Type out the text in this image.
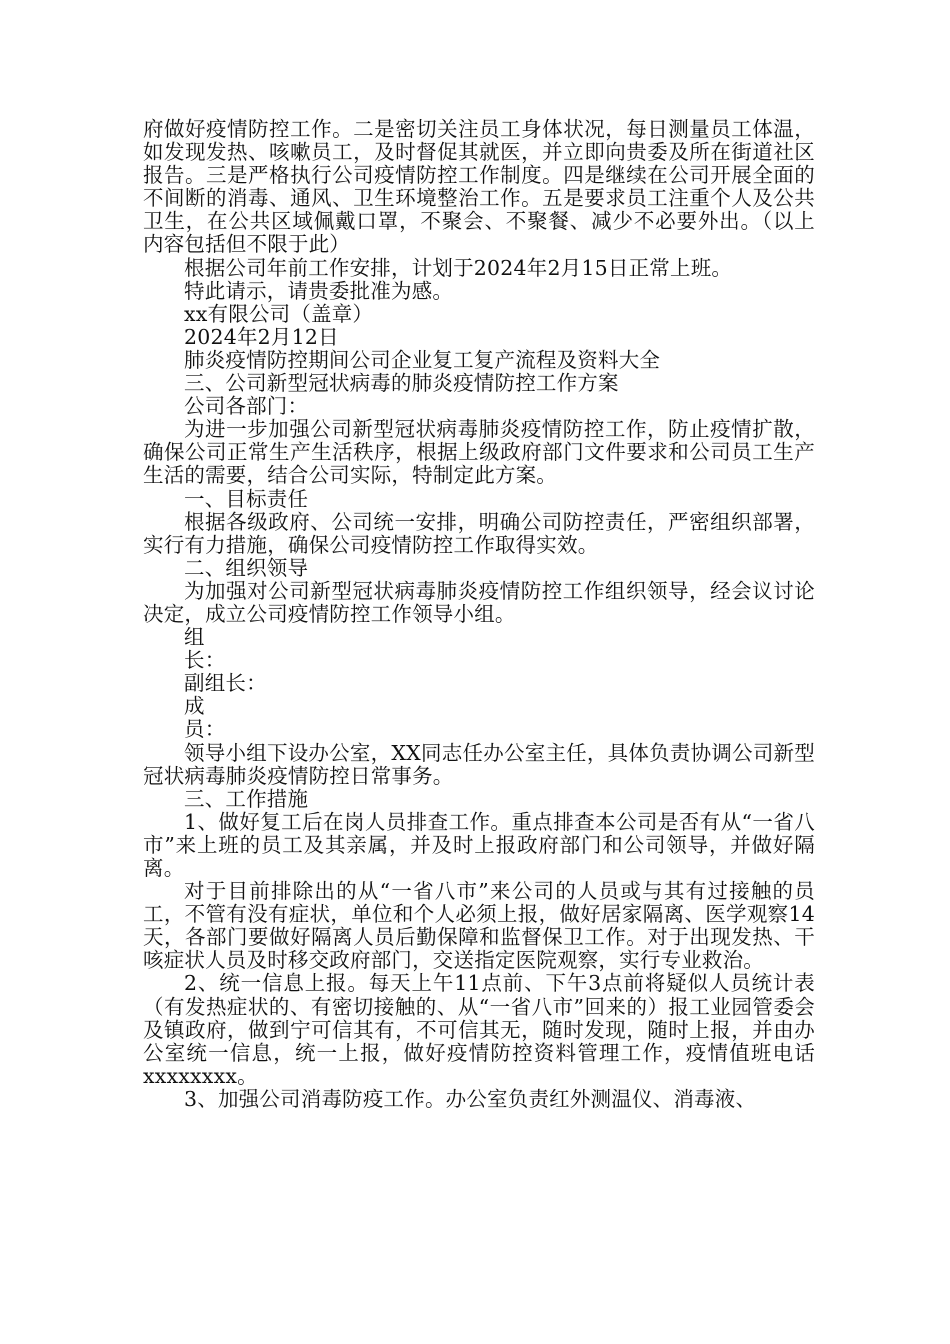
府做好疫情防控工作。二是密切关注员工身体状况，每日测量员工体温，如发现发热、咳嗽员工，及时督促其就医，并立即向贵委及所在街道社区报告。三是严格执行公司疫情防控工作制度。四是继续在公司开展全面的不间断的消毒、通风、卫生环境整治工作。五是要求员工注重个人及公共卫生，在公共区域佩戴口罩，不聚会、不聚餐、减少不必要外出。（以上内容包括但不限于此）

根据公司年前工作安排，计划于2024年2月15日正常上班。

特此请示，请贵委批准为感。

xx有限公司（盖章）

2024年2月12日

肺炎疫情防控期间公司企业复工复产流程及资料大全

三、公司新型冠状病毒的肺炎疫情防控工作方案

公司各部门：

为进一步加强公司新型冠状病毒肺炎疫情防控工作，防止疫情扩散，确保公司正常生产生活秩序，根据上级政府部门文件要求和公司员工生产生活的需要，结合公司实际，特制定此方案。

一、目标责任

根据各级政府、公司统一安排，明确公司防控责任，严密组织部署，实行有力措施，确保公司疫情防控工作取得实效。

二、组织领导

为加强对公司新型冠状病毒肺炎疫情防控工作组织领导，经会议讨论决定，成立公司疫情防控工作领导小组。

组

长：

副组长：

成

员：

领导小组下设办公室，XX同志任办公室主任，具体负责协调公司新型冠状病毒肺炎疫情防控日常事务。

三、工作措施

1、做好复工后在岗人员排查工作。重点排查本公司是否有从“一省八市”来上班的员工及其亲属，并及时上报政府部门和公司领导，并做好隔离。

对于目前排除出的从“一省八市”来公司的人员或与其有过接触的员工，不管有没有症状，单位和个人必须上报，做好居家隔离、医学观察14天，各部门要做好隔离人员后勤保障和监督保卫工作。对于出现发热、干咳症状人员及时移交政府部门，交送指定医院观察，实行专业救治。

2、统一信息上报。每天上午11点前、下午3点前将疑似人员统计表（有发热症状的、有密切接触的、从“一省八市”回来的）报工业园管委会及镇政府，做到宁可信其有，不可信其无，随时发现，随时上报，并由办公室统一信息，统一上报，做好疫情防控资料管理工作，疫情值班电话xxxxxxxx。

3、加强公司消毒防疫工作。办公室负责红外测温仪、消毒液、
